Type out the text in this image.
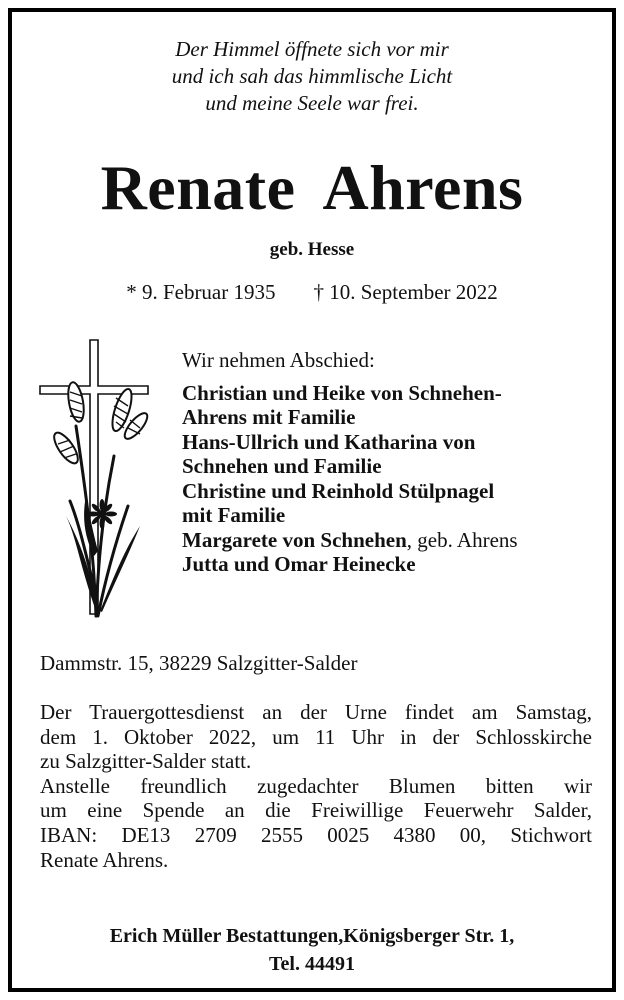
Der Himmel öffnete sich vor mir
und ich sah das himmlische Licht
und meine Seele war frei.
Renate Ahrens
geb. Hesse
* 9. Februar 1935 † 10. September 2022
Wir nehmen Abschied:
Christian und Heike von Schnehen-
Ahrens mit Familie
Hans-Ullrich und Katharina von
Schnehen und Familie
Christine und Reinhold Stülpnagel
mit Familie
Margarete von Schnehen, geb. Ahrens
Jutta und Omar Heinecke
Dammstr. 15, 38229 Salzgitter-Salder
Der Trauergottesdienst an der Urne findet am Samstag,
dem 1. Oktober 2022, um 11 Uhr in der Schlosskirche
zu Salzgitter-Salder statt.
Anstelle freundlich zugedachter Blumen bitten wir
um eine Spende an die Freiwillige Feuerwehr Salder,
IBAN: DE13 2709 2555 0025 4380 00, Stichwort
Renate Ahrens.
Erich Müller Bestattungen,Königsberger Str. 1,
Tel. 44491
